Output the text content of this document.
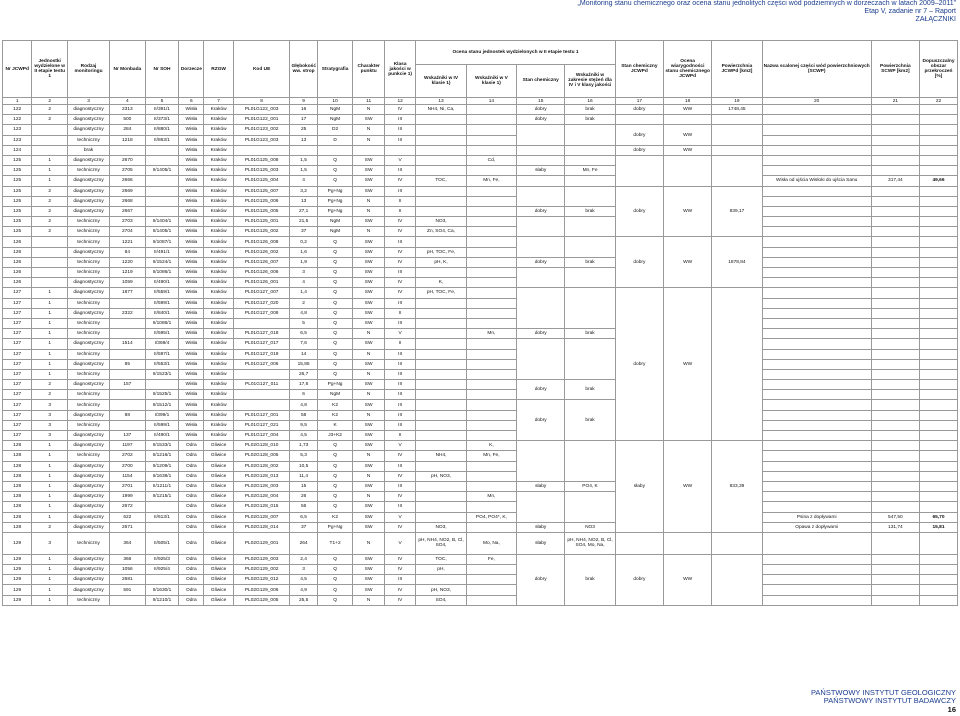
„Monitoring stanu chemicznego oraz ocena stanu jednolitych części wód podziemnych w dorzeczach w latach 2009–2011”
Etap V, zadanie nr 7 – Raport
ZAŁĄCZNIKI
Nr JCWPd	Jednostki wydzielone w II etapie testu 1	Rodzaj monitoringu	Nr Monbada	Nr SOH	Dorzecze	RZGW	Kod UE	Głębokość ww. strop	Stratygrafia	Charakter punktu	Klasa jakości w punkcie 1)	Ocena stanu jednostek wydzielonych w II etapie testu 1				Stan chemiczny JCWPd	Ocena wiarygodności stanu chemicznego JCWPd	Powierzchnia JCWPd [km2]	Nazwa scalonej części wód powierzchniowych (SCWP)	Powierzchnia SCWP [km2]	Dopuszczalny obszar przekroczeń [%]
												Wskaźniki w IV klasie 1)	Wskaźniki w V klasie 1)	Stan chemiczny	Wskaźniki w zakresie stężeń dla IV i V klasy jakości						
1	2	3	4	5	6	7	8	9	10	11	12	13	14	15	16	17	18	19	20	21	22
122	2	diagnostyczny	2313	II/391/1	Wisła	Kraków	PL01G122_003	16	NgM	N	IV	NH4, Ni, Ca,		dobry	brak	dobry	WW	1748,45			
122	2	diagnostyczny	500	II/373/1	Wisła	Kraków	PL01G122_001	17	NgM	SW	III			dobry	brak						
123		diagnostyczny	284	II/880/1	Wisła	Kraków	PL01G123_002	25	D2	N	III					dobry	WW				
123		techniczny	1218	II/863/1	Wisła	Kraków	PL01G123_003	13	D	N	III										
124		brak			Wisła	Kraków										dobry	WW				
125	1	diagnostyczny	2670		Wisła	Kraków	PL01G125_008	1,5	Q	SW	V		Cd,								
125	1	techniczny	2705	II/1405/1	Wisła	Kraków	PL01G125_003	1,5	Q	SW	III			słaby	Mn, Fe						
125	1	diagnostyczny	2666		Wisła	Kraków	PL01G125_004	4	Q	SW	IV	TOC,	Mn, Fe,						Wisła od ujścia Wisłoki do ujścia Sanu	317,44	49,66
125	2	diagnostyczny	2669		Wisła	Kraków	PL01G125_007	3,2	Pg+Ng	SW	III					dobry	WW	839,17			
125	2	diagnostyczny	2668		Wisła	Kraków	PL01G125_006	13	Pg+Ng	N	II										
125	2	diagnostyczny	2667		Wisła	Kraków	PL01G125_005	27,1	Pg+Ng	N	II			dobry	brak						
125	2	techniczny	2703	II/1404/1	Wisła	Kraków	PL01G125_001	21,5	NgM	SW	IV	NO3,									
125	2	techniczny	2704	II/1405/1	Wisła	Kraków	PL01G125_002	37	NgM	N	IV	Zn, SO4, Ca,									
126		techniczny	1221	II/1087/1	Wisła	Kraków	PL01G126_008	0,2	Q	SW	III					dobry	WW	1878,84			
126		diagnostyczny	84	II/491/1	Wisła	Kraków	PL01G126_002	1,6	Q	SW	IV	pH, TOC, Fe,									
126		techniczny	1220	II/1524/1	Wisła	Kraków	PL01G126_007	1,9	Q	SW	IV	pH, K,		dobry	brak						
126		techniczny	1219	II/1086/1	Wisła	Kraków	PL01G126_006	3	Q	SW	III										
126		diagnostyczny	1059	II/490/1	Wisła	Kraków	PL01G126_001	4	Q	SW	IV	K,									
127	1	diagnostyczny	1877	II/559/1	Wisła	Kraków	PL01G127_007	1,4	Q	SW	IV	pH, TOC, Fe,				dobry	WW				
127	1	techniczny		II/599/1	Wisła	Kraków	PL01G127_020	2	Q	SW	III										
127	1	diagnostyczny	2322	II/840/1	Wisła	Kraków	PL01G127_008	4,8	Q	SW	II										
127	1	techniczny		II/1086/1	Wisła	Kraków		5	Q	SW	III										
127	1	techniczny		II/595/1	Wisła	Kraków	PL01G127_018	6,5	Q	N	V		Mn,	dobry	brak						
127	1	diagnostyczny	1514	I/369/4	Wisła	Kraków	PL01G127_017	7,6	Q	SW	II										
127	1	techniczny		II/597/1	Wisła	Kraków	PL01G127_019	14	Q	N	III										
127	1	diagnostyczny	85	II/553/1	Wisła	Kraków	PL01G127_006	15,85	Q	SW	III										
127	1	techniczny		II/1523/1	Wisła	Kraków		26,7	Q	N	III										
127	2	diagnostyczny	157		Wisła	Kraków	PL01G127_011	17,6	Pg+Ng	SW	III			dobry	brak						
127	2	techniczny		II/1525/1	Wisła	Kraków		6	NgM	N	III										
127	3	techniczny		II/1512/1	Wisła	Kraków		4,8	K2	SW	III			dobry	brak						
127	3	diagnostyczny	88	I/399/1	Wisła	Kraków	PL01G127_001	58	K2	N	III										
127	3	techniczny		II/599/1	Wisła	Kraków	PL01G127_021	9,5	K	SW	III										
127	3	diagnostyczny	137	II/490/1	Wisła	Kraków	PL01G127_004	4,5	J3+K2	SW	II										
128	1	diagnostyczny	1197	II/1533/1	Odra	Gliwice	PL02G128_010	1,73	Q	SW	V		K,			słaby	WW	833,39			
128	1	techniczny	2702	II/1216/1	Odra	Gliwice	PL02G128_005	5,3	Q	N	IV	NH4,	Mn, Fe,								
128	1	diagnostyczny	2700	II/1209/1	Odra	Gliwice	PL02G128_002	10,5	Q	SW	III										
128	1	diagnostyczny	1154	II/1638/1	Odra	Gliwice	PL02G128_013	11,4	Q	N	IV	pH, NO3,									
128	1	diagnostyczny	2701	II/1211/1	Odra	Gliwice	PL02G128_003	15	Q	SW	III			słaby	PO4, K						
128	1	diagnostyczny	1999	II/1215/1	Odra	Gliwice	PL02G128_004	26	Q	N	IV		Mn,								
128	1	diagnostyczny	2672		Odra	Gliwice	PL02G128_015	56	Q	SW	III										
128	1	diagnostyczny	622	II/613/1	Odra	Gliwice	PL02G128_007	6,5	K2	SW	V		PO4, PO4*, K,						Psina z dopływami	547,50	65,70
128	2	diagnostyczny	2671		Odra	Gliwice	PL02G128_014	37	Pg+Ng	SW	IV	NO3,		słaby	NO3				Opawa z dopływami	131,74	15,81
129	3	techniczny	364	II/505/1	Odra	Gliwice	PL02G129_001	264	T1+2	N	V	pH, NH4, NO2, B, Cl, SO4,	Mo, Na,	słaby	pH, NH4, NO2, B, Cl, SO4, Mo, Na,						
129	1	diagnostyczny	366	II/925/3	Odra	Gliwice	PL02G129_003	2,4	Q	SW	IV	TOC,	Fe,	dobry	brak	dobry	WW				
129	1	diagnostyczny	1056	II/925/4	Odra	Gliwice	PL02G129_002	3	Q	SW	IV	pH,									
129	1	diagnostyczny	2681		Odra	Gliwice	PL02G129_012	4,5	Q	SW	III										
129	1	diagnostyczny	591	II/1630/1	Odra	Gliwice	PL02G129_006	4,9	Q	SW	IV	pH, NO3,									
129	1	techniczny		II/1210/1	Odra	Gliwice	PL02G129_005	25,5	Q	N	IV	SO4,									
PAŃSTWOWY INSTYTUT GEOLOGICZNY
PAŃSTWOWY INSTYTUT BADAWCZY
16
